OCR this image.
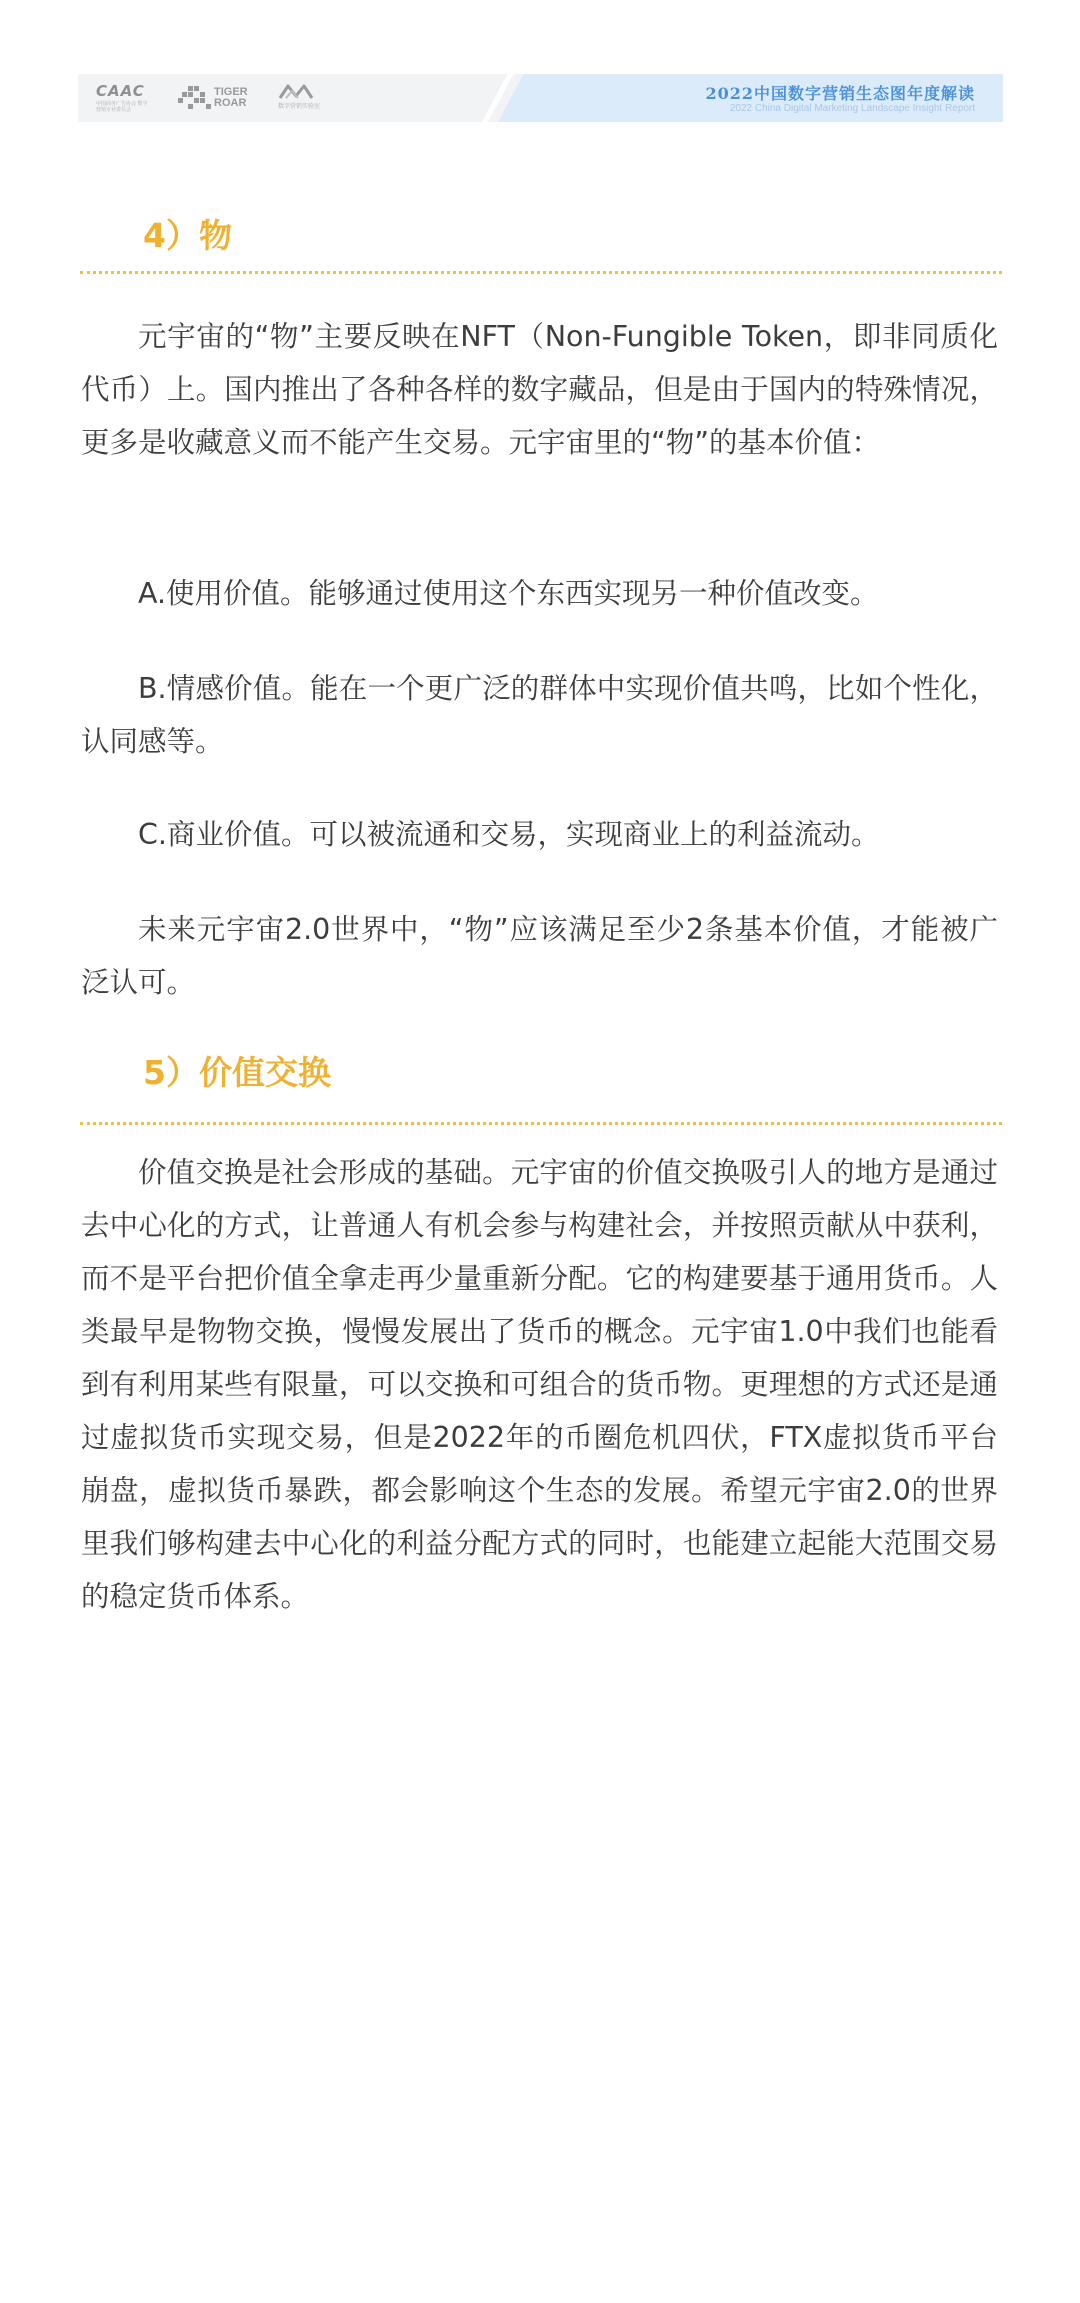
CAAC
中国商务广告协会 数字营销专业委员会
TIGER ROAR	数字营销实验室
2022中国数字营销生态图年度解读
2022 China Digital Marketing Landscape Insight Report
4）物

元宇宙的“物”主要反映在NFT（Non-Fungible Token，即非同质化代币）上。国内推出了各种各样的数字藏品，但是由于国内的特殊情况，更多是收藏意义而不能产生交易。元宇宙里的“物”的基本价值：

A.使用价值。能够通过使用这个东西实现另一种价值改变。

B.情感价值。能在一个更广泛的群体中实现价值共鸣，比如个性化，认同感等。

C.商业价值。可以被流通和交易，实现商业上的利益流动。

未来元宇宙2.0世界中，“物”应该满足至少2条基本价值，才能被广泛认可。

5）价值交换

价值交换是社会形成的基础。元宇宙的价值交换吸引人的地方是通过去中心化的方式，让普通人有机会参与构建社会，并按照贡献从中获利，而不是平台把价值全拿走再少量重新分配。它的构建要基于通用货币。人类最早是物物交换，慢慢发展出了货币的概念。元宇宙1.0中我们也能看到有利用某些有限量，可以交换和可组合的货币物。更理想的方式还是通过虚拟货币实现交易，但是2022年的币圈危机四伏，FTX虚拟货币平台崩盘，虚拟货币暴跌，都会影响这个生态的发展。希望元宇宙2.0的世界里我们够构建去中心化的利益分配方式的同时，也能建立起能大范围交易的稳定货币体系。
